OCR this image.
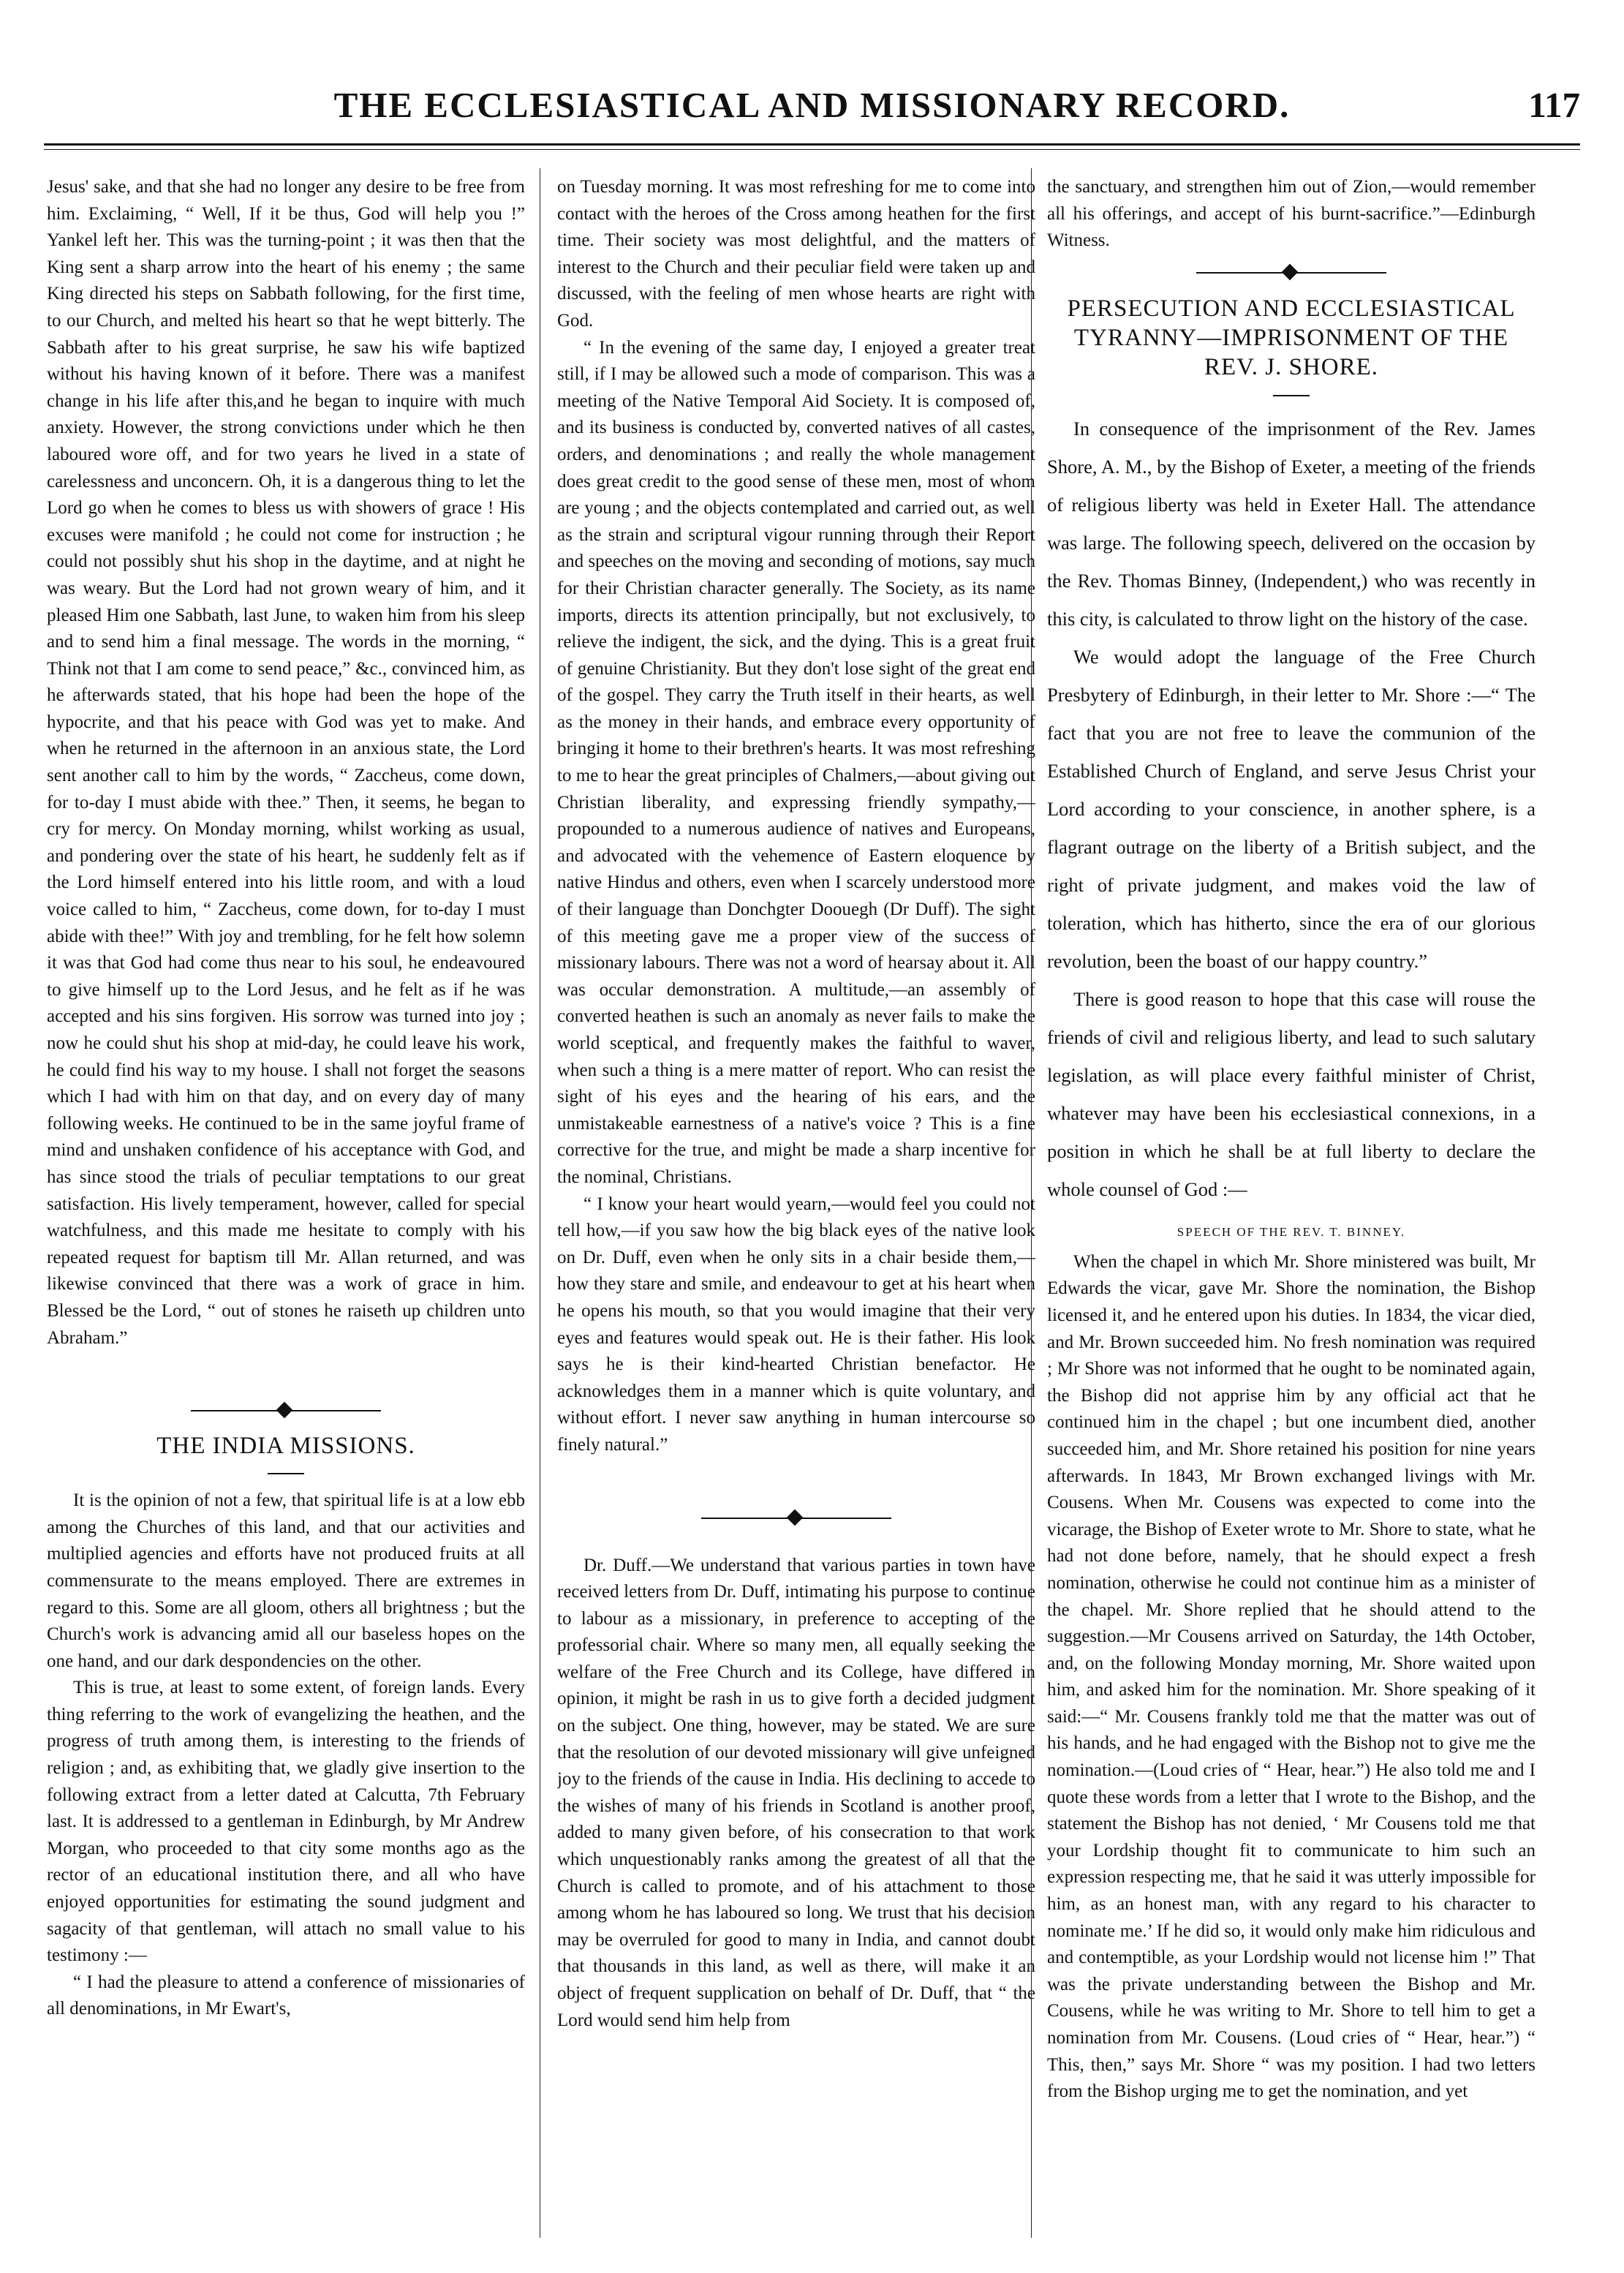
THE ECCLESIASTICAL AND MISSIONARY RECORD.	117

Jesus' sake, and that she had no longer any desire to be free from him. Exclaiming, “ Well, If it be thus, God will help you !” Yankel left her. This was the turning-point ; it was then that the King sent a sharp arrow into the heart of his enemy ; the same King directed his steps on Sabbath following, for the first time, to our Church, and melted his heart so that he wept bitterly. The Sabbath after to his great surprise, he saw his wife baptized without his having known of it before. There was a manifest change in his life after this,and he began to inquire with much anxiety. However, the strong convictions under which he then laboured wore off, and for two years he lived in a state of carelessness and unconcern. Oh, it is a dangerous thing to let the Lord go when he comes to bless us with showers of grace ! His excuses were manifold ; he could not come for instruction ; he could not possibly shut his shop in the daytime, and at night he was weary. But the Lord had not grown weary of him, and it pleased Him one Sabbath, last June, to waken him from his sleep and to send him a final message. The words in the morning, “ Think not that I am come to send peace,” &c., convinced him, as he afterwards stated, that his hope had been the hope of the hypocrite, and that his peace with God was yet to make. And when he returned in the afternoon in an anxious state, the Lord sent another call to him by the words, “ Zaccheus, come down, for to-day I must abide with thee.” Then, it seems, he began to cry for mercy. On Monday morning, whilst working as usual, and pondering over the state of his heart, he suddenly felt as if the Lord himself entered into his little room, and with a loud voice called to him, “ Zaccheus, come down, for to-day I must abide with thee!” With joy and trembling, for he felt how solemn it was that God had come thus near to his soul, he endeavoured to give himself up to the Lord Jesus, and he felt as if he was accepted and his sins forgiven. His sorrow was turned into joy ; now he could shut his shop at mid-day, he could leave his work, he could find his way to my house. I shall not forget the seasons which I had with him on that day, and on every day of many following weeks. He continued to be in the same joyful frame of mind and unshaken confidence of his acceptance with God, and has since stood the trials of peculiar temptations to our great satisfaction. His lively temperament, however, called for special watchfulness, and this made me hesitate to comply with his repeated request for baptism till Mr. Allan returned, and was likewise convinced that there was a work of grace in him. Blessed be the Lord, “ out of stones he raiseth up children unto Abraham.”

THE INDIA MISSIONS.

It is the opinion of not a few, that spiritual life is at a low ebb among the Churches of this land, and that our activities and multiplied agencies and efforts have not produced fruits at all commensurate to the means employed. There are extremes in regard to this. Some are all gloom, others all brightness ; but the Church's work is advancing amid all our baseless hopes on the one hand, and our dark despondencies on the other.

This is true, at least to some extent, of foreign lands. Every thing referring to the work of evangelizing the heathen, and the progress of truth among them, is interesting to the friends of religion ; and, as exhibiting that, we gladly give insertion to the following extract from a letter dated at Calcutta, 7th February last. It is addressed to a gentleman in Edinburgh, by Mr Andrew Morgan, who proceeded to that city some months ago as the rector of an educational institution there, and all who have enjoyed opportunities for estimating the sound judgment and sagacity of that gentleman, will attach no small value to his testimony :—

“ I had the pleasure to attend a conference of missionaries of all denominations, in Mr Ewart's,

on Tuesday morning. It was most refreshing for me to come into contact with the heroes of the Cross among heathen for the first time. Their society was most delightful, and the matters of interest to the Church and their peculiar field were taken up and discussed, with the feeling of men whose hearts are right with God.

“ In the evening of the same day, I enjoyed a greater treat still, if I may be allowed such a mode of comparison. This was a meeting of the Native Temporal Aid Society. It is composed of, and its business is conducted by, converted natives of all castes, orders, and denominations ; and really the whole management does great credit to the good sense of these men, most of whom are young ; and the objects contemplated and carried out, as well as the strain and scriptural vigour running through their Report and speeches on the moving and seconding of motions, say much for their Christian character generally. The Society, as its name imports, directs its attention principally, but not exclusively, to relieve the indigent, the sick, and the dying. This is a great fruit of genuine Christianity. But they don't lose sight of the great end of the gospel. They carry the Truth itself in their hearts, as well as the money in their hands, and embrace every opportunity of bringing it home to their brethren's hearts. It was most refreshing to me to hear the great principles of Chalmers,—about giving out Christian liberality, and expressing friendly sympathy,—propounded to a numerous audience of natives and Europeans, and advocated with the vehemence of Eastern eloquence by native Hindus and others, even when I scarcely understood more of their language than Donchgter Doouegh (Dr Duff). The sight of this meeting gave me a proper view of the success of missionary labours. There was not a word of hearsay about it. All was occular demonstration. A multitude,—an assembly of converted heathen is such an anomaly as never fails to make the world sceptical, and frequently makes the faithful to waver, when such a thing is a mere matter of report. Who can resist the sight of his eyes and the hearing of his ears, and the unmistakeable earnestness of a native's voice ? This is a fine corrective for the true, and might be made a sharp incentive for the nominal, Christians.

“ I know your heart would yearn,—would feel you could not tell how,—if you saw how the big black eyes of the native look on Dr. Duff, even when he only sits in a chair beside them,—how they stare and smile, and endeavour to get at his heart when he opens his mouth, so that you would imagine that their very eyes and features would speak out. He is their father. His look says he is their kind-hearted Christian benefactor. He acknowledges them in a manner which is quite voluntary, and without effort. I never saw anything in human intercourse so finely natural.”

Dr. Duff.—We understand that various parties in town have received letters from Dr. Duff, intimating his purpose to continue to labour as a missionary, in preference to accepting of the professorial chair. Where so many men, all equally seeking the welfare of the Free Church and its College, have differed in opinion, it might be rash in us to give forth a decided judgment on the subject. One thing, however, may be stated. We are sure that the resolution of our devoted missionary will give unfeigned joy to the friends of the cause in India. His declining to accede to the wishes of many of his friends in Scotland is another proof, added to many given before, of his consecration to that work which unquestionably ranks among the greatest of all that the Church is called to promote, and of his attachment to those among whom he has laboured so long. We trust that his decision may be overruled for good to many in India, and cannot doubt that thousands in this land, as well as there, will make it an object of frequent supplication on behalf of Dr. Duff, that “ the Lord would send him help from

the sanctuary, and strengthen him out of Zion,—would remember all his offerings, and accept of his burnt-sacrifice.”—Edinburgh Witness.

PERSECUTION AND ECCLESIASTICAL TYRANNY—IMPRISONMENT OF THE REV. J. SHORE.

In consequence of the imprisonment of the Rev. James Shore, A. M., by the Bishop of Exeter, a meeting of the friends of religious liberty was held in Exeter Hall. The attendance was large. The following speech, delivered on the occasion by the Rev. Thomas Binney, (Independent,) who was recently in this city, is calculated to throw light on the history of the case.

We would adopt the language of the Free Church Presbytery of Edinburgh, in their letter to Mr. Shore :—“ The fact that you are not free to leave the communion of the Established Church of England, and serve Jesus Christ your Lord according to your conscience, in another sphere, is a flagrant outrage on the liberty of a British subject, and the right of private judgment, and makes void the law of toleration, which has hitherto, since the era of our glorious revolution, been the boast of our happy country.”

There is good reason to hope that this case will rouse the friends of civil and religious liberty, and lead to such salutary legislation, as will place every faithful minister of Christ, whatever may have been his ecclesiastical connexions, in a position in which he shall be at full liberty to declare the whole counsel of God :—

SPEECH OF THE REV. T. BINNEY.

When the chapel in which Mr. Shore ministered was built, Mr Edwards the vicar, gave Mr. Shore the nomination, the Bishop licensed it, and he entered upon his duties. In 1834, the vicar died, and Mr. Brown succeeded him. No fresh nomination was required ; Mr Shore was not informed that he ought to be nominated again, the Bishop did not apprise him by any official act that he continued him in the chapel ; but one incumbent died, another succeeded him, and Mr. Shore retained his position for nine years afterwards. In 1843, Mr Brown exchanged livings with Mr. Cousens. When Mr. Cousens was expected to come into the vicarage, the Bishop of Exeter wrote to Mr. Shore to state, what he had not done before, namely, that he should expect a fresh nomination, otherwise he could not continue him as a minister of the chapel. Mr. Shore replied that he should attend to the suggestion.—Mr Cousens arrived on Saturday, the 14th October, and, on the following Monday morning, Mr. Shore waited upon him, and asked him for the nomination. Mr. Shore speaking of it said:—“ Mr. Cousens frankly told me that the matter was out of his hands, and he had engaged with the Bishop not to give me the nomination.—(Loud cries of “ Hear, hear.”) He also told me and I quote these words from a letter that I wrote to the Bishop, and the statement the Bishop has not denied, ‘ Mr Cousens told me that your Lordship thought fit to communicate to him such an expression respecting me, that he said it was utterly impossible for him, as an honest man, with any regard to his character to nominate me.’ If he did so, it would only make him ridiculous and and contemptible, as your Lordship would not license him !” That was the private understanding between the Bishop and Mr. Cousens, while he was writing to Mr. Shore to tell him to get a nomination from Mr. Cousens. (Loud cries of “ Hear, hear.”) “ This, then,” says Mr. Shore “ was my position. I had two letters from the Bishop urging me to get the nomination, and yet
